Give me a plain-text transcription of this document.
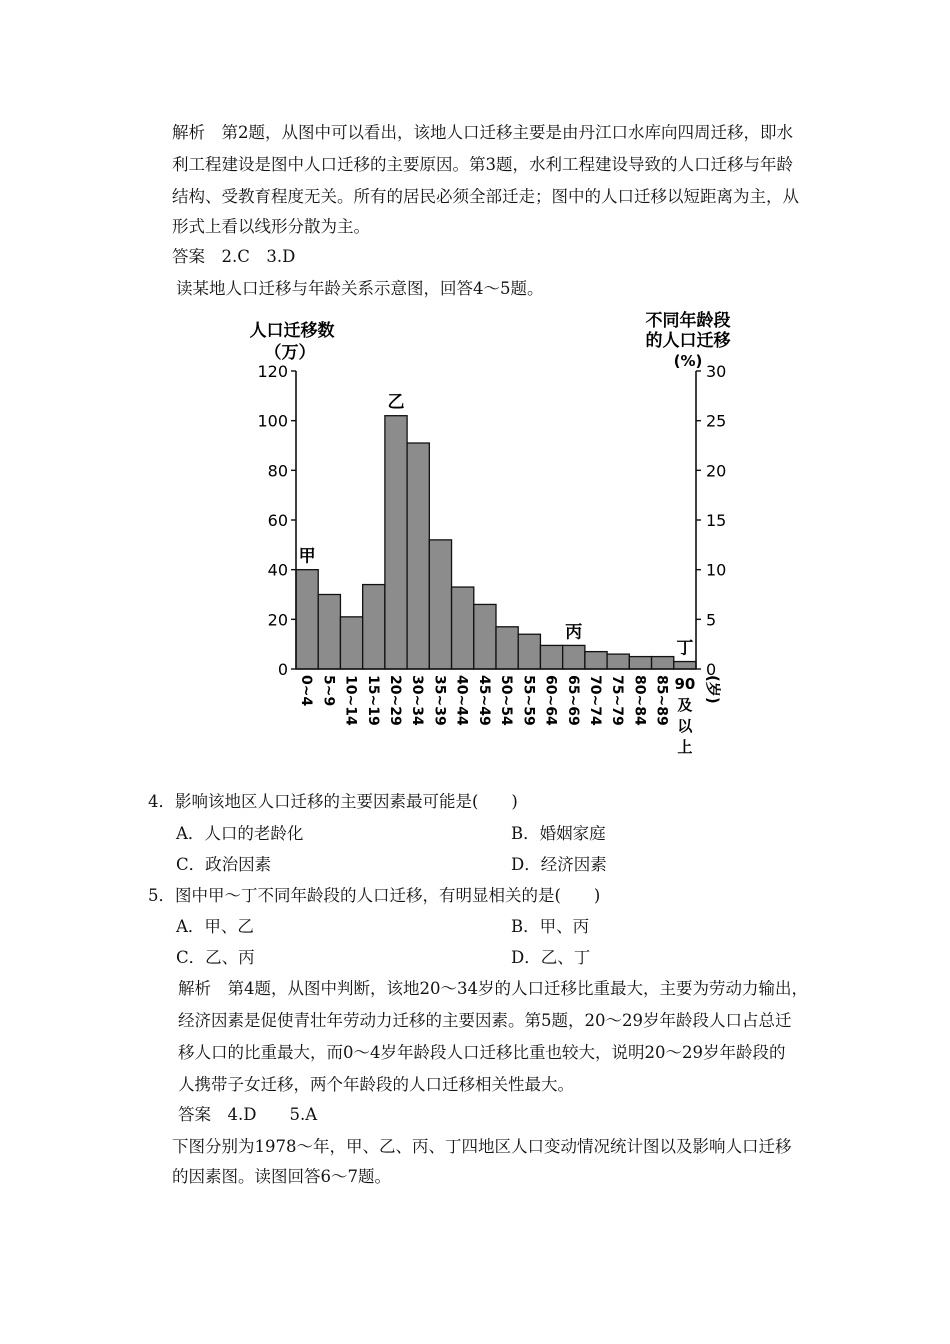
解析　第2题，从图中可以看出，该地人口迁移主要是由丹江口水库向四周迁移，即水
利工程建设是图中人口迁移的主要原因。第3题，水利工程建设导致的人口迁移与年龄
结构、受教育程度无关。所有的居民必须全部迁走；图中的人口迁移以短距离为主，从
形式上看以线形分散为主。
答案　2.C　3.D
读某地人口迁移与年龄关系示意图，回答4～5题。
人口迁移数
（万）
不同年龄段
的人口迁移
(%)
0
20
40
60
80
100
120
0
5
10
15
20
25
30
甲
乙
丙
丁
0~4 5~9 10~14 15~19 20~29 30~34 35~39 40~44 45~49 50~54 55~59 60~64 65~69 70~74 75~79 80~84 85~89 90
及
以
上
(岁)
4．影响该地区人口迁移的主要因素最可能是(　　)
A．人口的老龄化	B．婚姻家庭
C．政治因素	D．经济因素
5．图中甲～丁不同年龄段的人口迁移，有明显相关的是(　　)
A．甲、乙	B．甲、丙
C．乙、丙	D．乙、丁
解析　第4题，从图中判断，该地20～34岁的人口迁移比重最大，主要为劳动力输出，
经济因素是促使青壮年劳动力迁移的主要因素。第5题，20～29岁年龄段人口占总迁
移人口的比重最大，而0～4岁年龄段人口迁移比重也较大，说明20～29岁年龄段的
人携带子女迁移，两个年龄段的人口迁移相关性最大。
答案　4.D　　5.A
下图分别为1978～年，甲、乙、丙、丁四地区人口变动情况统计图以及影响人口迁移
的因素图。读图回答6～7题。
